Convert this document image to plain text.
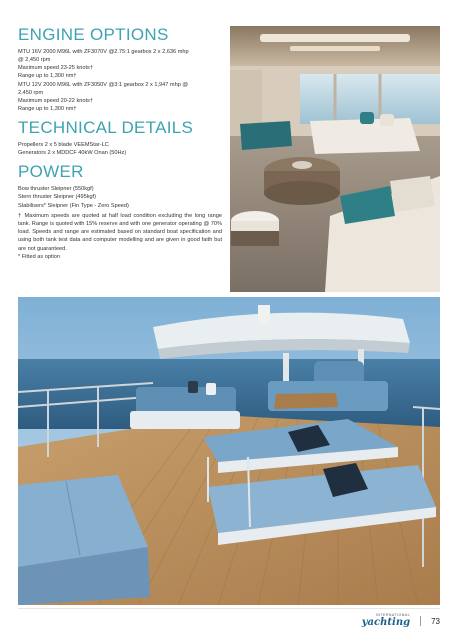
ENGINE OPTIONS
MTU 16V 2000 M96L with ZF3070V @2.75:1 gearbox 2 x 2,636 mhp
@ 2,450 rpm
Maximum speed 23-25 knots†
Range up to 1,300 nm†
MTU 12V 2000 M96L with ZF3050V @3:1 gearbox 2 x 1,947 mhp @
2,450 rpm
Maximum speed 20-22 knots†
Range up to 1,300 nm†
TECHNICAL DETAILS
Propellers 2 x 5 blade VEEMStar-LC
Generators 2 x MDDCF 40kW Onan (50Hz)
POWER
Bow thruster Sleipner (550kgf)
Stern thruster Sleipner (495kgf)
Stabilisers* Sleipner (Fin Type - Zero Speed)

† Maximum speeds are quoted at half load condition excluding the long range tank. Range is quoted with 15% reserve and with one generator operating @ 70% load. Speeds and range are estimated based on standard boat specification and using both tank test data and computer modelling and are given in good faith but are not guaranteed.

* Fitted as option

INTERNATIONAL
yachting	73
